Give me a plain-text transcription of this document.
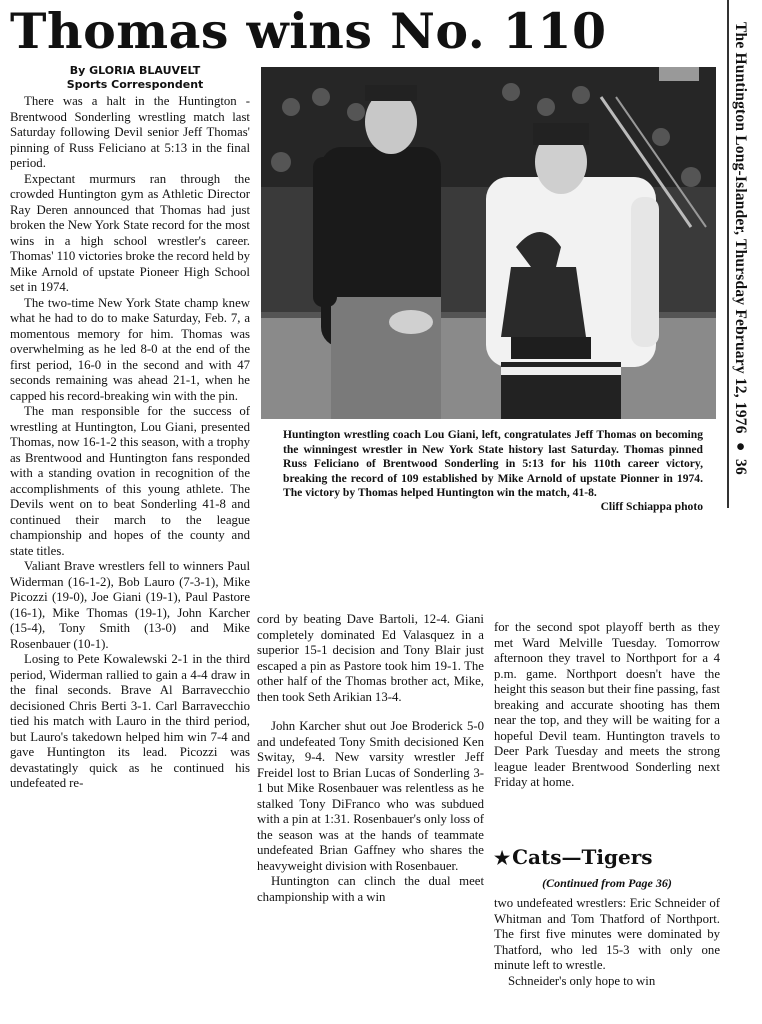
Thomas wins No. 110	The Huntington Long-Islander, Thursday February 12, 1976 ● 36
By GLORIA BLAUVELT
Sports Correspondent

There was a halt in the Huntington - Brentwood Sonderling wrestling match last Saturday following Devil senior Jeff Thomas' pinning of Russ Feliciano at 5:13 in the final period.

Expectant murmurs ran through the crowded Huntington gym as Athletic Director Ray Deren announced that Thomas had just broken the New York State record for the most wins in a high school wrestler's career. Thomas' 110 victories broke the record held by Mike Arnold of upstate Pioneer High School set in 1974.

The two-time New York State champ knew what he had to do to make Saturday, Feb. 7, a momentous memory for him. Thomas was overwhelming as he led 8-0 at the end of the first period, 16-0 in the second and with 47 seconds remaining was ahead 21-1, when he capped his record-breaking win with the pin.

The man responsible for the success of wrestling at Huntington, Lou Giani, presented Thomas, now 16-1-2 this season, with a trophy as Brentwood and Huntington fans responded with a standing ovation in recognition of the accomplishments of this young athlete. The Devils went on to beat Sonderling 41-8 and continued their march to the league championship and hopes of the county and state titles.

Valiant Brave wrestlers fell to winners Paul Widerman (16-1-2), Bob Lauro (7-3-1), Mike Picozzi (19-0), Joe Giani (19-1), Paul Pastore (16-1), Mike Thomas (19-1), John Karcher (15-4), Tony Smith (13-0) and Mike Rosenbauer (10-1).

Losing to Pete Kowalewski 2-1 in the third period, Widerman rallied to gain a 4-4 draw in the final seconds. Brave Al Barravecchio decisioned Chris Berti 3-1. Carl Barravecchio tied his match with Lauro in the third period, but Lauro's takedown helped him win 7-4 and gave Huntington its lead. Picozzi was devastatingly quick as he continued his undefeated re-

Huntington wrestling coach Lou Giani, left, congratulates Jeff Thomas on becoming the winningest wrestler in New York State history last Saturday. Thomas pinned Russ Feliciano of Brentwood Sonderling in 5:13 for his 110th career victory, breaking the record of 109 established by Mike Arnold of upstate Pionner in 1974. The victory by Thomas helped Huntington win the match, 41-8.
Cliff Schiappa photo

cord by beating Dave Bartoli, 12-4. Giani completely dominated Ed Valasquez in a superior 15-1 decision and Tony Blair just escaped a pin as Pastore took him 19-1. The other half of the Thomas brother act, Mike, then took Seth Arikian 13-4.

John Karcher shut out Joe Broderick 5-0 and undefeated Tony Smith decisioned Ken Switay, 9-4. New varsity wrestler Jeff Freidel lost to Brian Lucas of Sonderling 3-1 but Mike Rosenbauer was relentless as he stalked Tony DiFranco who was subdued with a pin at 1:31. Rosenbauer's only loss of the season was at the hands of teammate undefeated Brian Gaffney who shares the heavyweight division with Rosenbauer.

Huntington can clinch the dual meet championship with a win

for the second spot playoff berth as they met Ward Melville Tuesday. Tomorrow afternoon they travel to Northport for a 4 p.m. game. Northport doesn't have the height this season but their fine passing, fast breaking and accurate shooting has them near the top, and they will be waiting for a hopeful Devil team. Huntington travels to Deer Park Tuesday and meets the strong league leader Brentwood Sonderling next Friday at home.

★ Cats—Tigers
(Continued from Page 36)

two undefeated wrestlers: Eric Schneider of Whitman and Tom Thatford of Northport. The first five minutes were dominated by Thatford, who led 15-3 with only one minute left to wrestle.

Schneider's only hope to win
